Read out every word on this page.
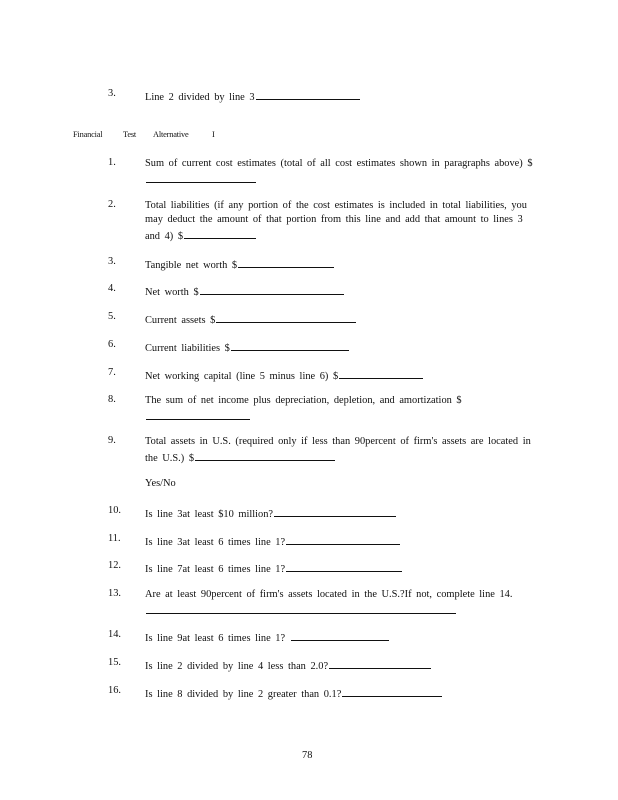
3.	Line 2 divided by line 3
Financial Test Alternative	I
1.	Sum of current cost estimates (total of all cost estimates shown in paragraphs above) $
2.	Total liabilities (if any portion of the cost estimates is included in total liabilities, you may deduct the amount of that portion from this line and add that amount to lines 3 and 4) $
3.	Tangible net worth $
4.	Net worth $
5.	Current assets $
6.	Current liabilities $
7.	Net working capital (line 5 minus line 6) $
8.	The sum of net income plus depreciation, depletion, and amortization $
9.	Total assets in U.S. (required only if less than 90percent of firm's assets are located in the U.S.) $
Yes/No
10. Is line 3at least $10 million?
11. Is line 3at least 6 times line 1?
12. Is line 7at least 6 times line 1?
13. Are at least 90percent of firm's assets located in the U.S.?If not, complete line 14.
14. Is line 9at least 6 times line 1?
15. Is line 2 divided by line 4 less than 2.0?
16. Is line 8 divided by line 2 greater than 0.1?
78
